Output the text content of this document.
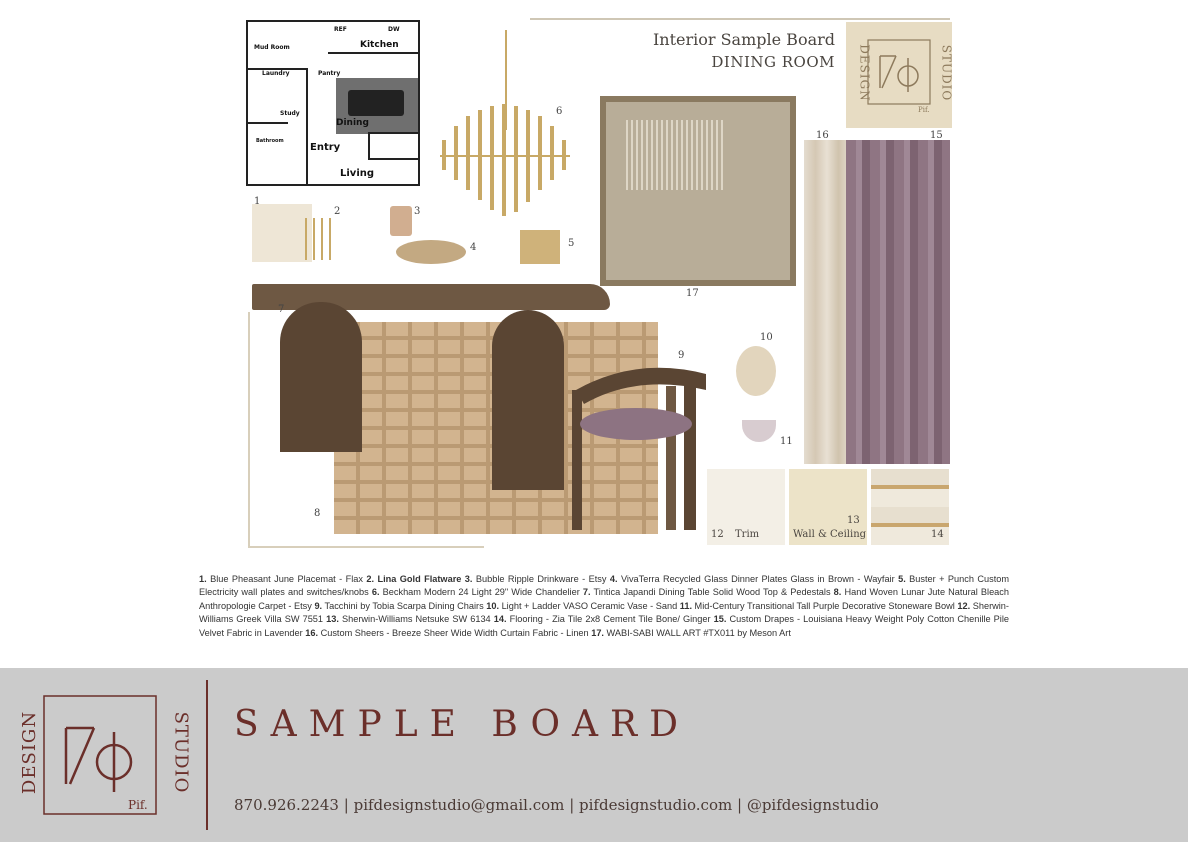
Mud Room	Kitchen
Laundry	Pantry
Study
Dining
Bathroom
Entry
Living
REF	DW
Interior Sample Board
DINING ROOM DESIGN	STUDIO
Pif.
1
2	3
4	5
6
17
16	15
8
7
9
10
11
12 Trim
13
Wall & Ceiling	14
1. Blue Pheasant June Placemat - Flax 2. Lina Gold Flatware 3. Bubble Ripple Drinkware - Etsy 4. VivaTerra Recycled Glass Dinner Plates Glass in Brown - Wayfair 5. Buster + Punch Custom Electricity wall plates and switches/knobs 6. Beckham Modern 24 Light 29" Wide Chandelier 7. Tintica Japandi Dining Table Solid Wood Top & Pedestals 8. Hand Woven Lunar Jute Natural Bleach Anthropologie Carpet - Etsy 9. Tacchini by Tobia Scarpa Dining Chairs 10. Light + Ladder VASO Ceramic Vase - Sand 11. Mid-Century Transitional Tall Purple Decorative Stoneware Bowl 12. Sherwin-Williams Greek Villa SW 7551 13. Sherwin-Williams Netsuke SW 6134 14. Flooring - Zia Tile 2x8 Cement Tile Bone/ Ginger 15. Custom Drapes - Louisiana Heavy Weight Poly Cotton Chenille Pile Velvet Fabric in Lavender 16. Custom Sheers - Breeze Sheer Wide Width Curtain Fabric - Linen 17. WABI-SABI WALL ART #TX011 by Meson Art
DESIGN	STUDIO
Pif.
SAMPLE BOARD
870.926.2243 | pifdesignstudio@gmail.com | pifdesignstudio.com | @pifdesignstudio
